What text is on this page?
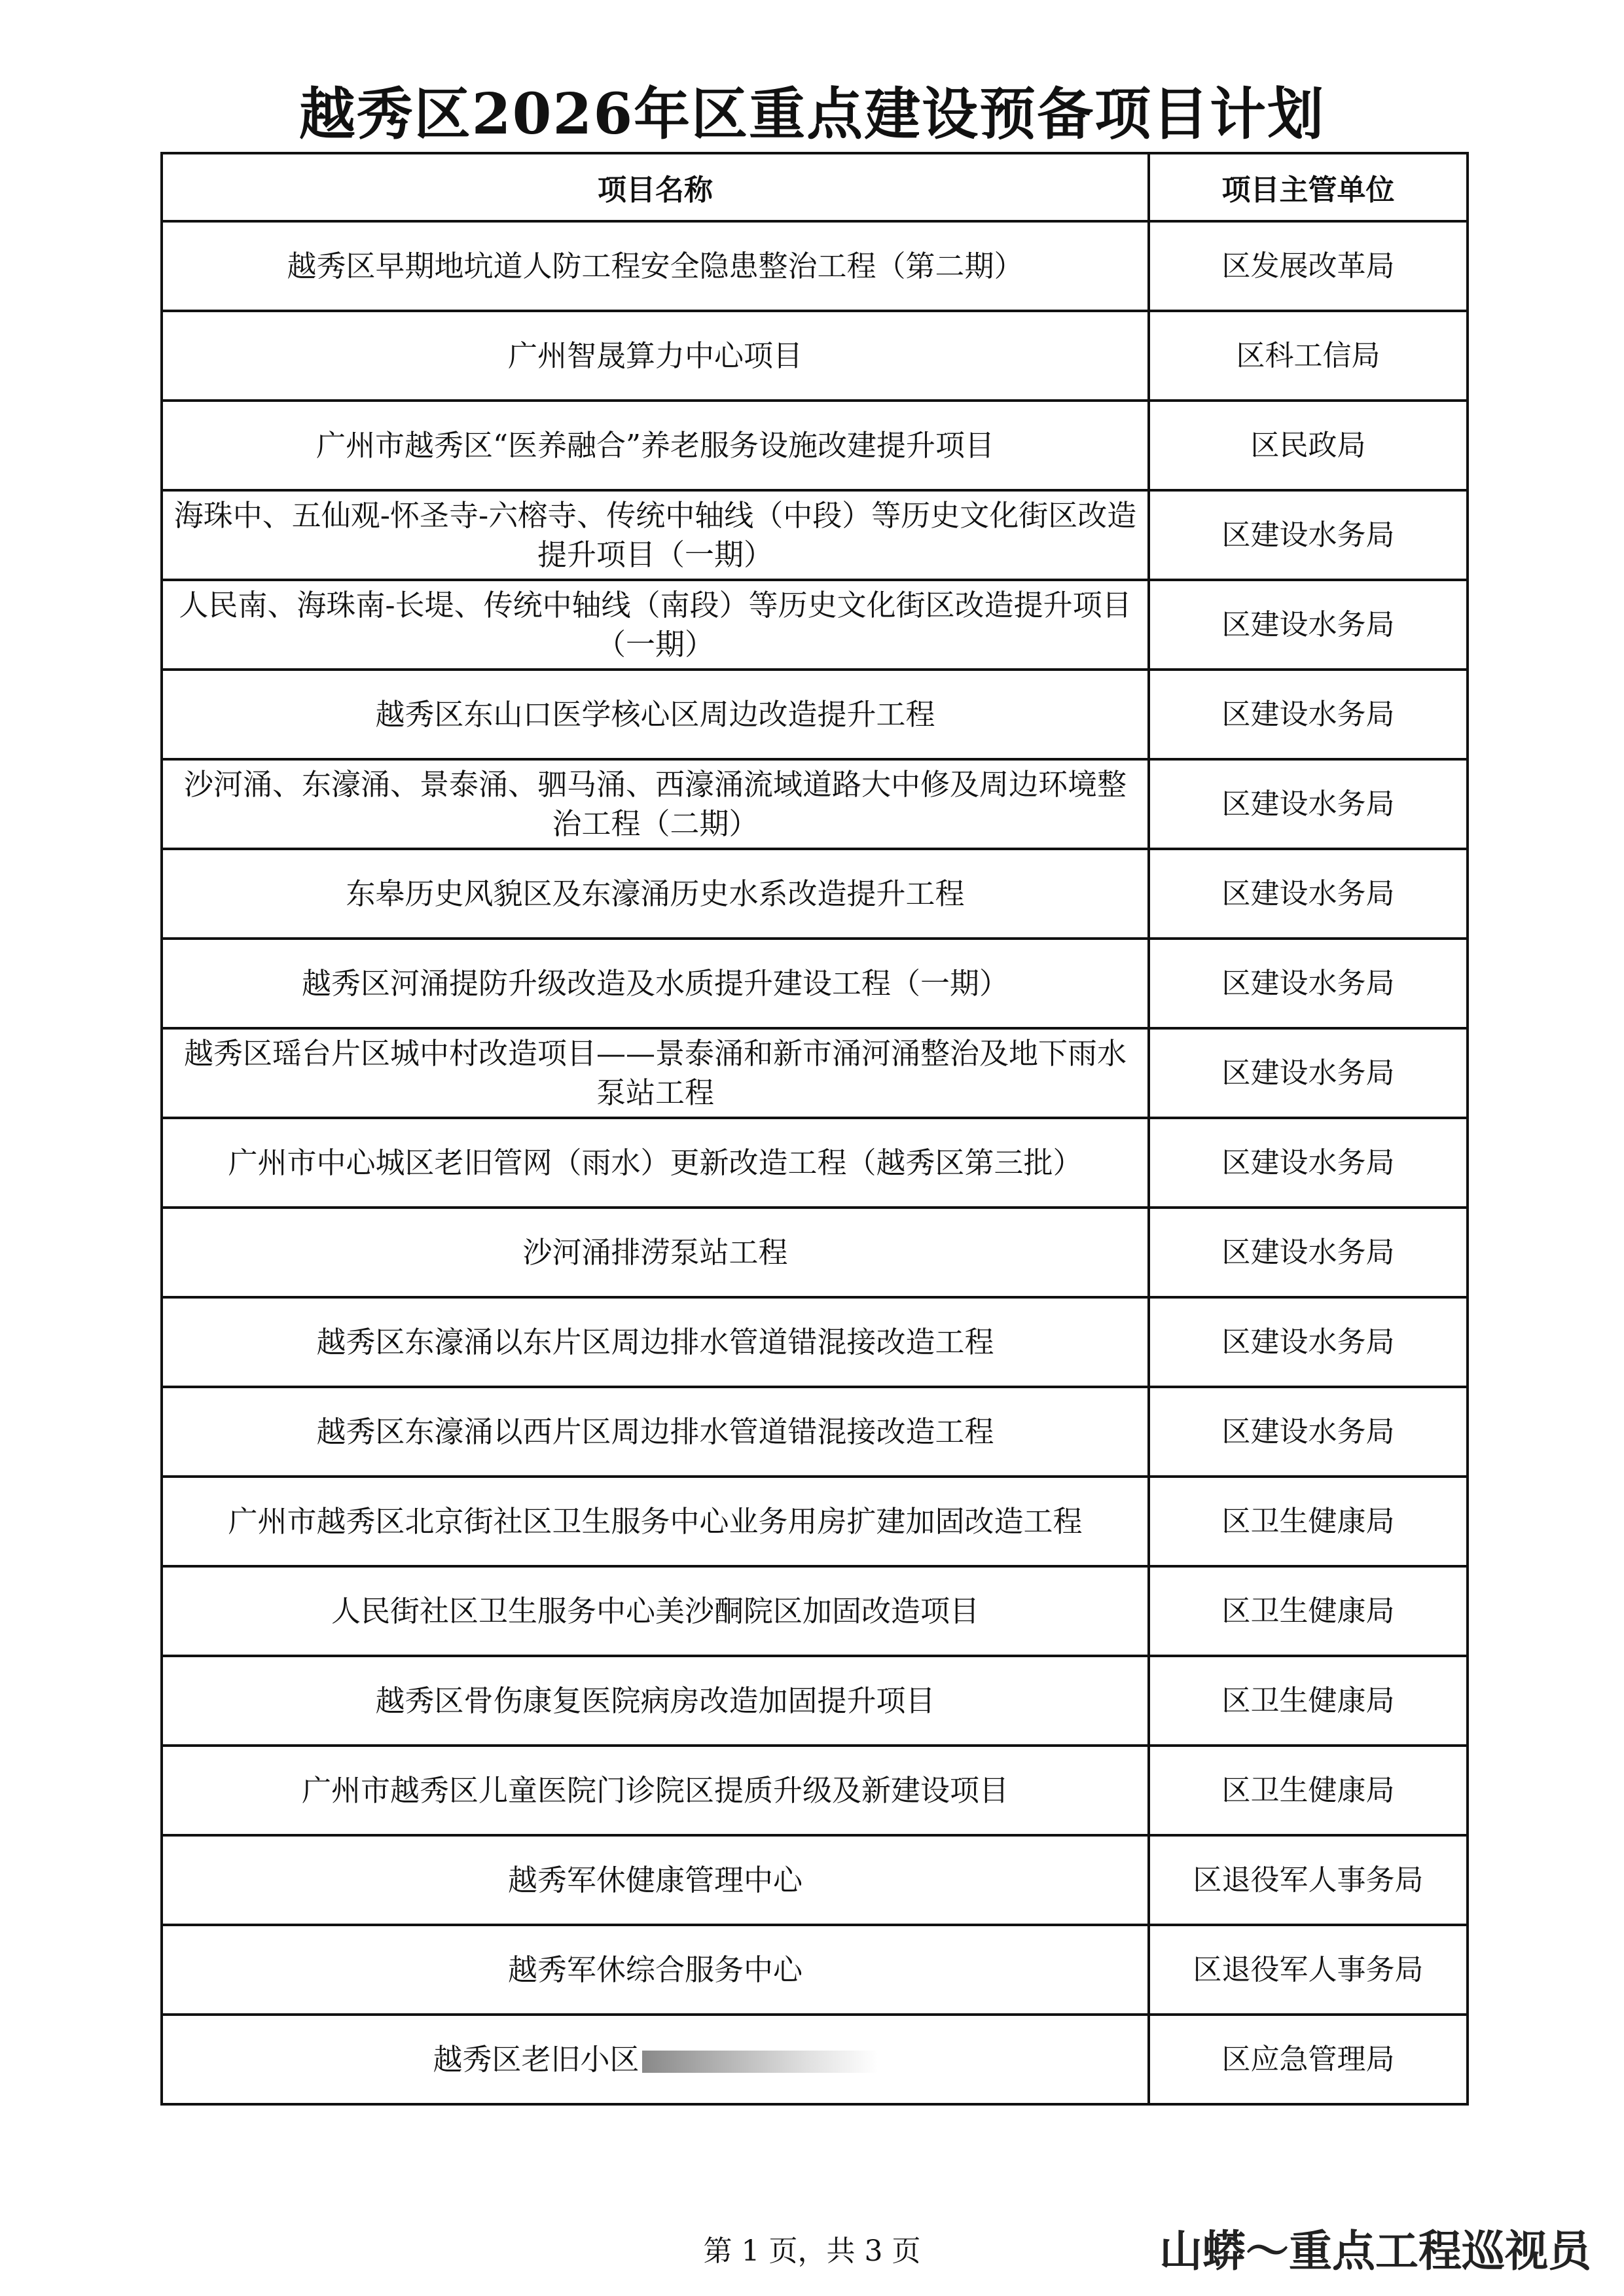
越秀区2026年区重点建设预备项目计划
项目名称	项目主管单位
越秀区早期地坑道人防工程安全隐患整治工程（第二期）	区发展改革局
广州智晟算力中心项目	区科工信局
广州市越秀区“医养融合”养老服务设施改建提升项目	区民政局
海珠中、五仙观-怀圣寺-六榕寺、传统中轴线（中段）等历史文化街区改造提升项目（一期）	区建设水务局
人民南、海珠南-长堤、传统中轴线（南段）等历史文化街区改造提升项目（一期）	区建设水务局
越秀区东山口医学核心区周边改造提升工程	区建设水务局
沙河涌、东濠涌、景泰涌、驷马涌、西濠涌流域道路大中修及周边环境整治工程（二期）	区建设水务局
东皋历史风貌区及东濠涌历史水系改造提升工程	区建设水务局
越秀区河涌提防升级改造及水质提升建设工程（一期）	区建设水务局
越秀区瑶台片区城中村改造项目——景泰涌和新市涌河涌整治及地下雨水泵站工程	区建设水务局
广州市中心城区老旧管网（雨水）更新改造工程（越秀区第三批）	区建设水务局
沙河涌排涝泵站工程	区建设水务局
越秀区东濠涌以东片区周边排水管道错混接改造工程	区建设水务局
越秀区东濠涌以西片区周边排水管道错混接改造工程	区建设水务局
广州市越秀区北京街社区卫生服务中心业务用房扩建加固改造工程	区卫生健康局
人民街社区卫生服务中心美沙酮院区加固改造项目	区卫生健康局
越秀区骨伤康复医院病房改造加固提升项目	区卫生健康局
广州市越秀区儿童医院门诊院区提质升级及新建设项目	区卫生健康局
越秀军休健康管理中心	区退役军人事务局
越秀军休综合服务中心	区退役军人事务局
越秀区老旧小区	区应急管理局
第 1 页，共 3 页	山蟒～重点工程巡视员
